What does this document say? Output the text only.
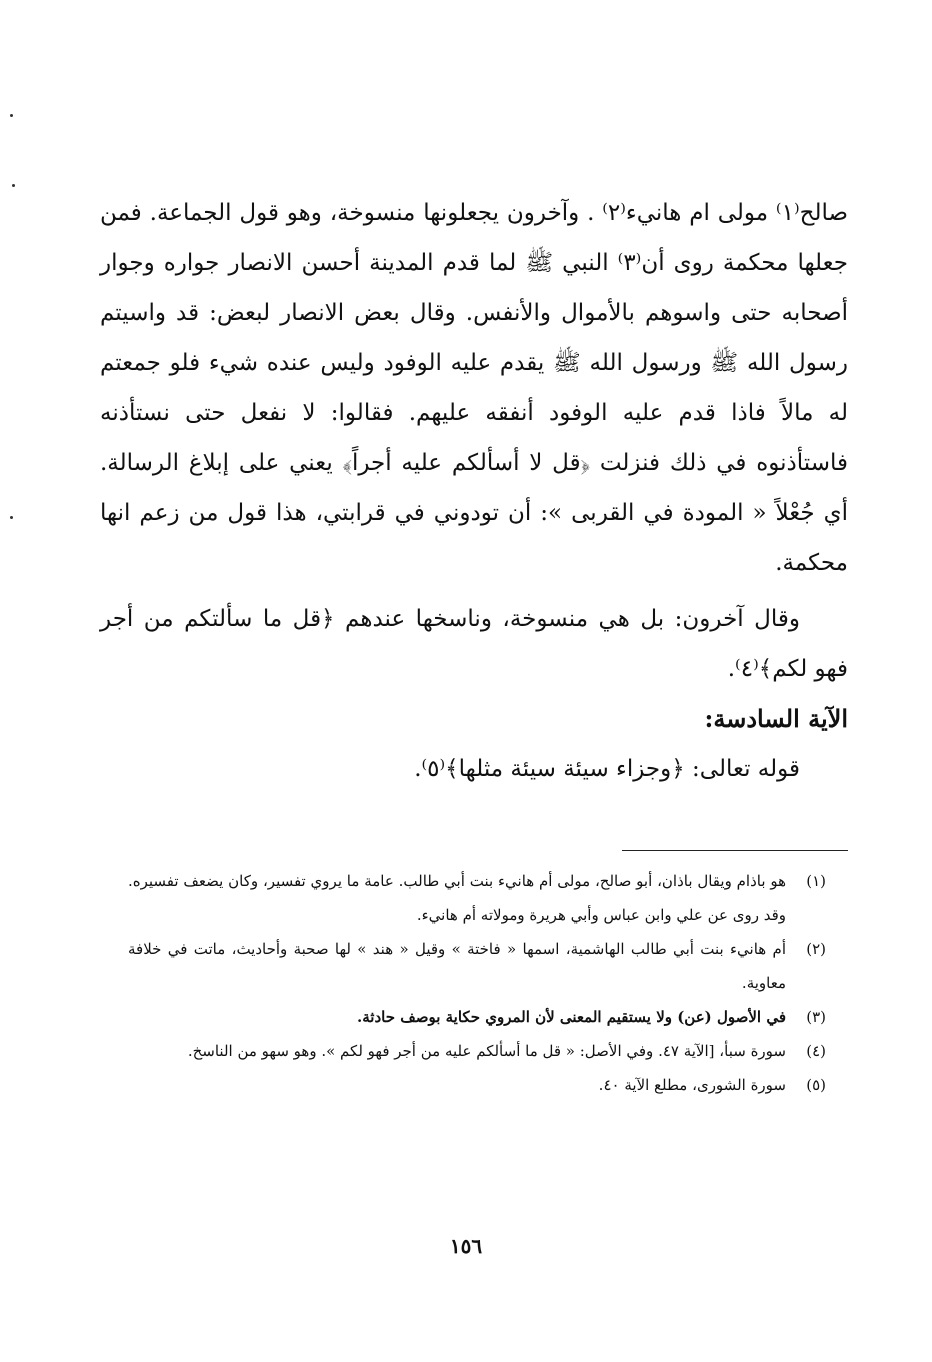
صالح⁽١⁾ مولى ام هانيء⁽٢⁾ . وآخرون يجعلونها منسوخة، وهو قول الجماعة. فمن جعلها محكمة روى أن⁽٣⁾ النبي ﷺ لما قدم المدينة أحسن الانصار جواره وجوار أصحابه حتى واسوهم بالأموال والأنفس. وقال بعض الانصار لبعض: قد واسيتم رسول الله ﷺ ورسول الله ﷺ يقدم عليه الوفود وليس عنده شيء فلو جمعتم له مالاً فاذا قدم عليه الوفود أنفقه عليهم. فقالوا: لا نفعل حتى نستأذنه فاستأذنوه في ذلك فنزلت ﴿قل لا أسألكم عليه أجراً﴾ يعني على إبلاغ الرسالة. أي جُعْلاً « المودة في القربى »: أن تودوني في قرابتي، هذا قول من زعم انها محكمة.

وقال آخرون: بل هي منسوخة، وناسخها عندهم ﴿قل ما سألتكم من أجر فهو لكم﴾⁽٤⁾.

الآية السادسة:

قوله تعالى: ﴿وجزاء سيئة سيئة مثلها﴾⁽٥⁾.

(١)
هو باذام ويقال باذان، أبو صالح، مولى أم هانيء بنت أبي طالب. عامة ما يروي تفسير، وكان يضعف تفسيره. وقد روى عن علي وابن عباس وأبي هريرة ومولاته أم هانيء.
(٢)
أم هانيء بنت أبي طالب الهاشمية، اسمها « فاختة » وقيل « هند » لها صحبة وأحاديث، ماتت في خلافة معاوية.
(٣)
في الأصول (عن) ولا يستقيم المعنى لأن المروي حكاية بوصف حادثة.
(٤)
سورة سبأ، [الآية ٤٧. وفي الأصل: « قل ما أسألكم عليه من أجر فهو لكم ». وهو سهو من الناسخ.
(٥)
سورة الشورى، مطلع الآية ٤٠.
١٥٦
